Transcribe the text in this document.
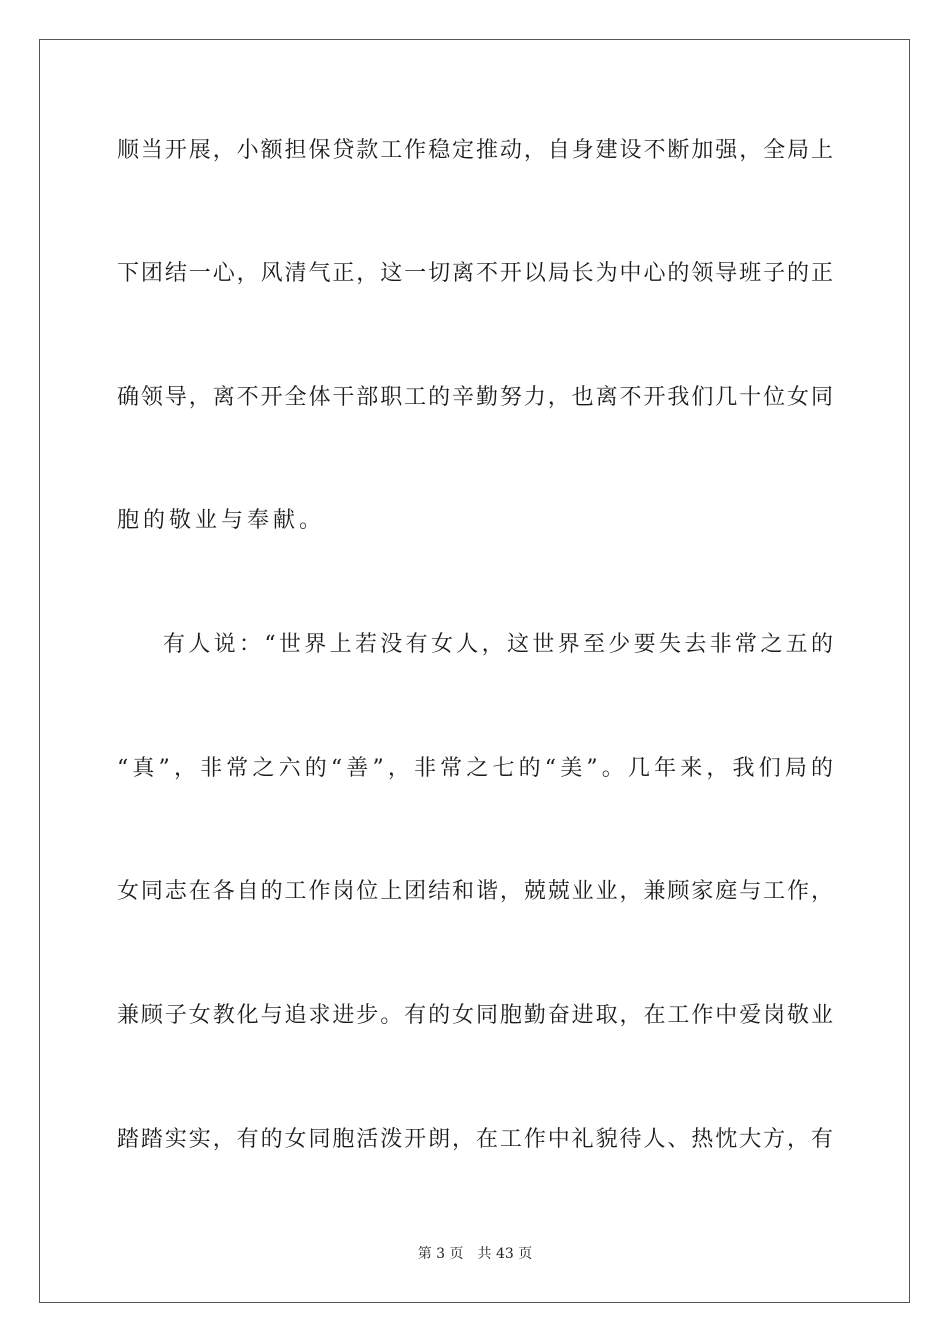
顺当开展，小额担保贷款工作稳定推动，自身建设不断加强，全局上
下团结一心，风清气正，这一切离不开以局长为中心的领导班子的正
确领导，离不开全体干部职工的辛勤努力，也离不开我们几十位女同
胞的敬业与奉献。
有人说：“世界上若没有女人，这世界至少要失去非常之五的
“真”，非常之六的“善”，非常之七的“美”。几年来，我们局的
女同志在各自的工作岗位上团结和谐，兢兢业业，兼顾家庭与工作，
兼顾子女教化与追求进步。有的女同胞勤奋进取，在工作中爱岗敬业
踏踏实实，有的女同胞活泼开朗，在工作中礼貌待人、热忱大方，有
第 3 页 共 43 页
